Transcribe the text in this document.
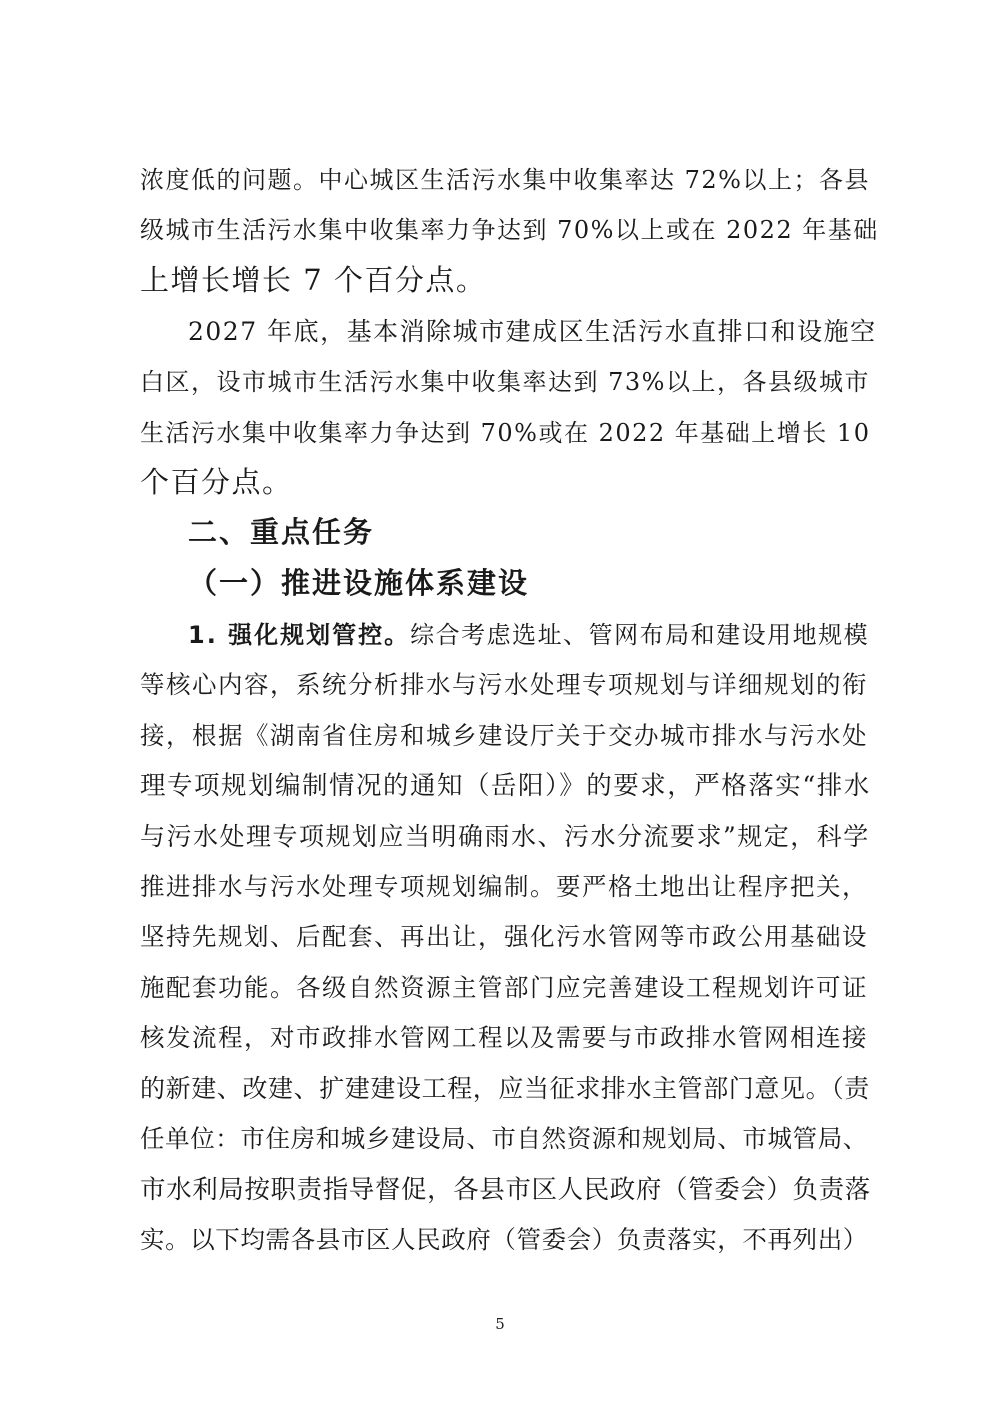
浓度低的问题。中心城区生活污水集中收集率达 72%以上；各县
级城市生活污水集中收集率力争达到 70%以上或在 2022 年基础
上增长增长 7 个百分点。
2027 年底，基本消除城市建成区生活污水直排口和设施空
白区，设市城市生活污水集中收集率达到 73%以上，各县级城市
生活污水集中收集率力争达到 70%或在 2022 年基础上增长 10
个百分点。
二、重点任务
（一）推进设施体系建设
1. 强化规划管控。综合考虑选址、管网布局和建设用地规模
等核心内容，系统分析排水与污水处理专项规划与详细规划的衔
接，根据《湖南省住房和城乡建设厅关于交办城市排水与污水处
理专项规划编制情况的通知（岳阳）》的要求，严格落实“排水
与污水处理专项规划应当明确雨水、污水分流要求”规定，科学
推进排水与污水处理专项规划编制。要严格土地出让程序把关，
坚持先规划、后配套、再出让，强化污水管网等市政公用基础设
施配套功能。各级自然资源主管部门应完善建设工程规划许可证
核发流程，对市政排水管网工程以及需要与市政排水管网相连接
的新建、改建、扩建建设工程，应当征求排水主管部门意见。（责
任单位：市住房和城乡建设局、市自然资源和规划局、市城管局、
市水利局按职责指导督促，各县市区人民政府（管委会）负责落
实。以下均需各县市区人民政府（管委会）负责落实，不再列出）
5
